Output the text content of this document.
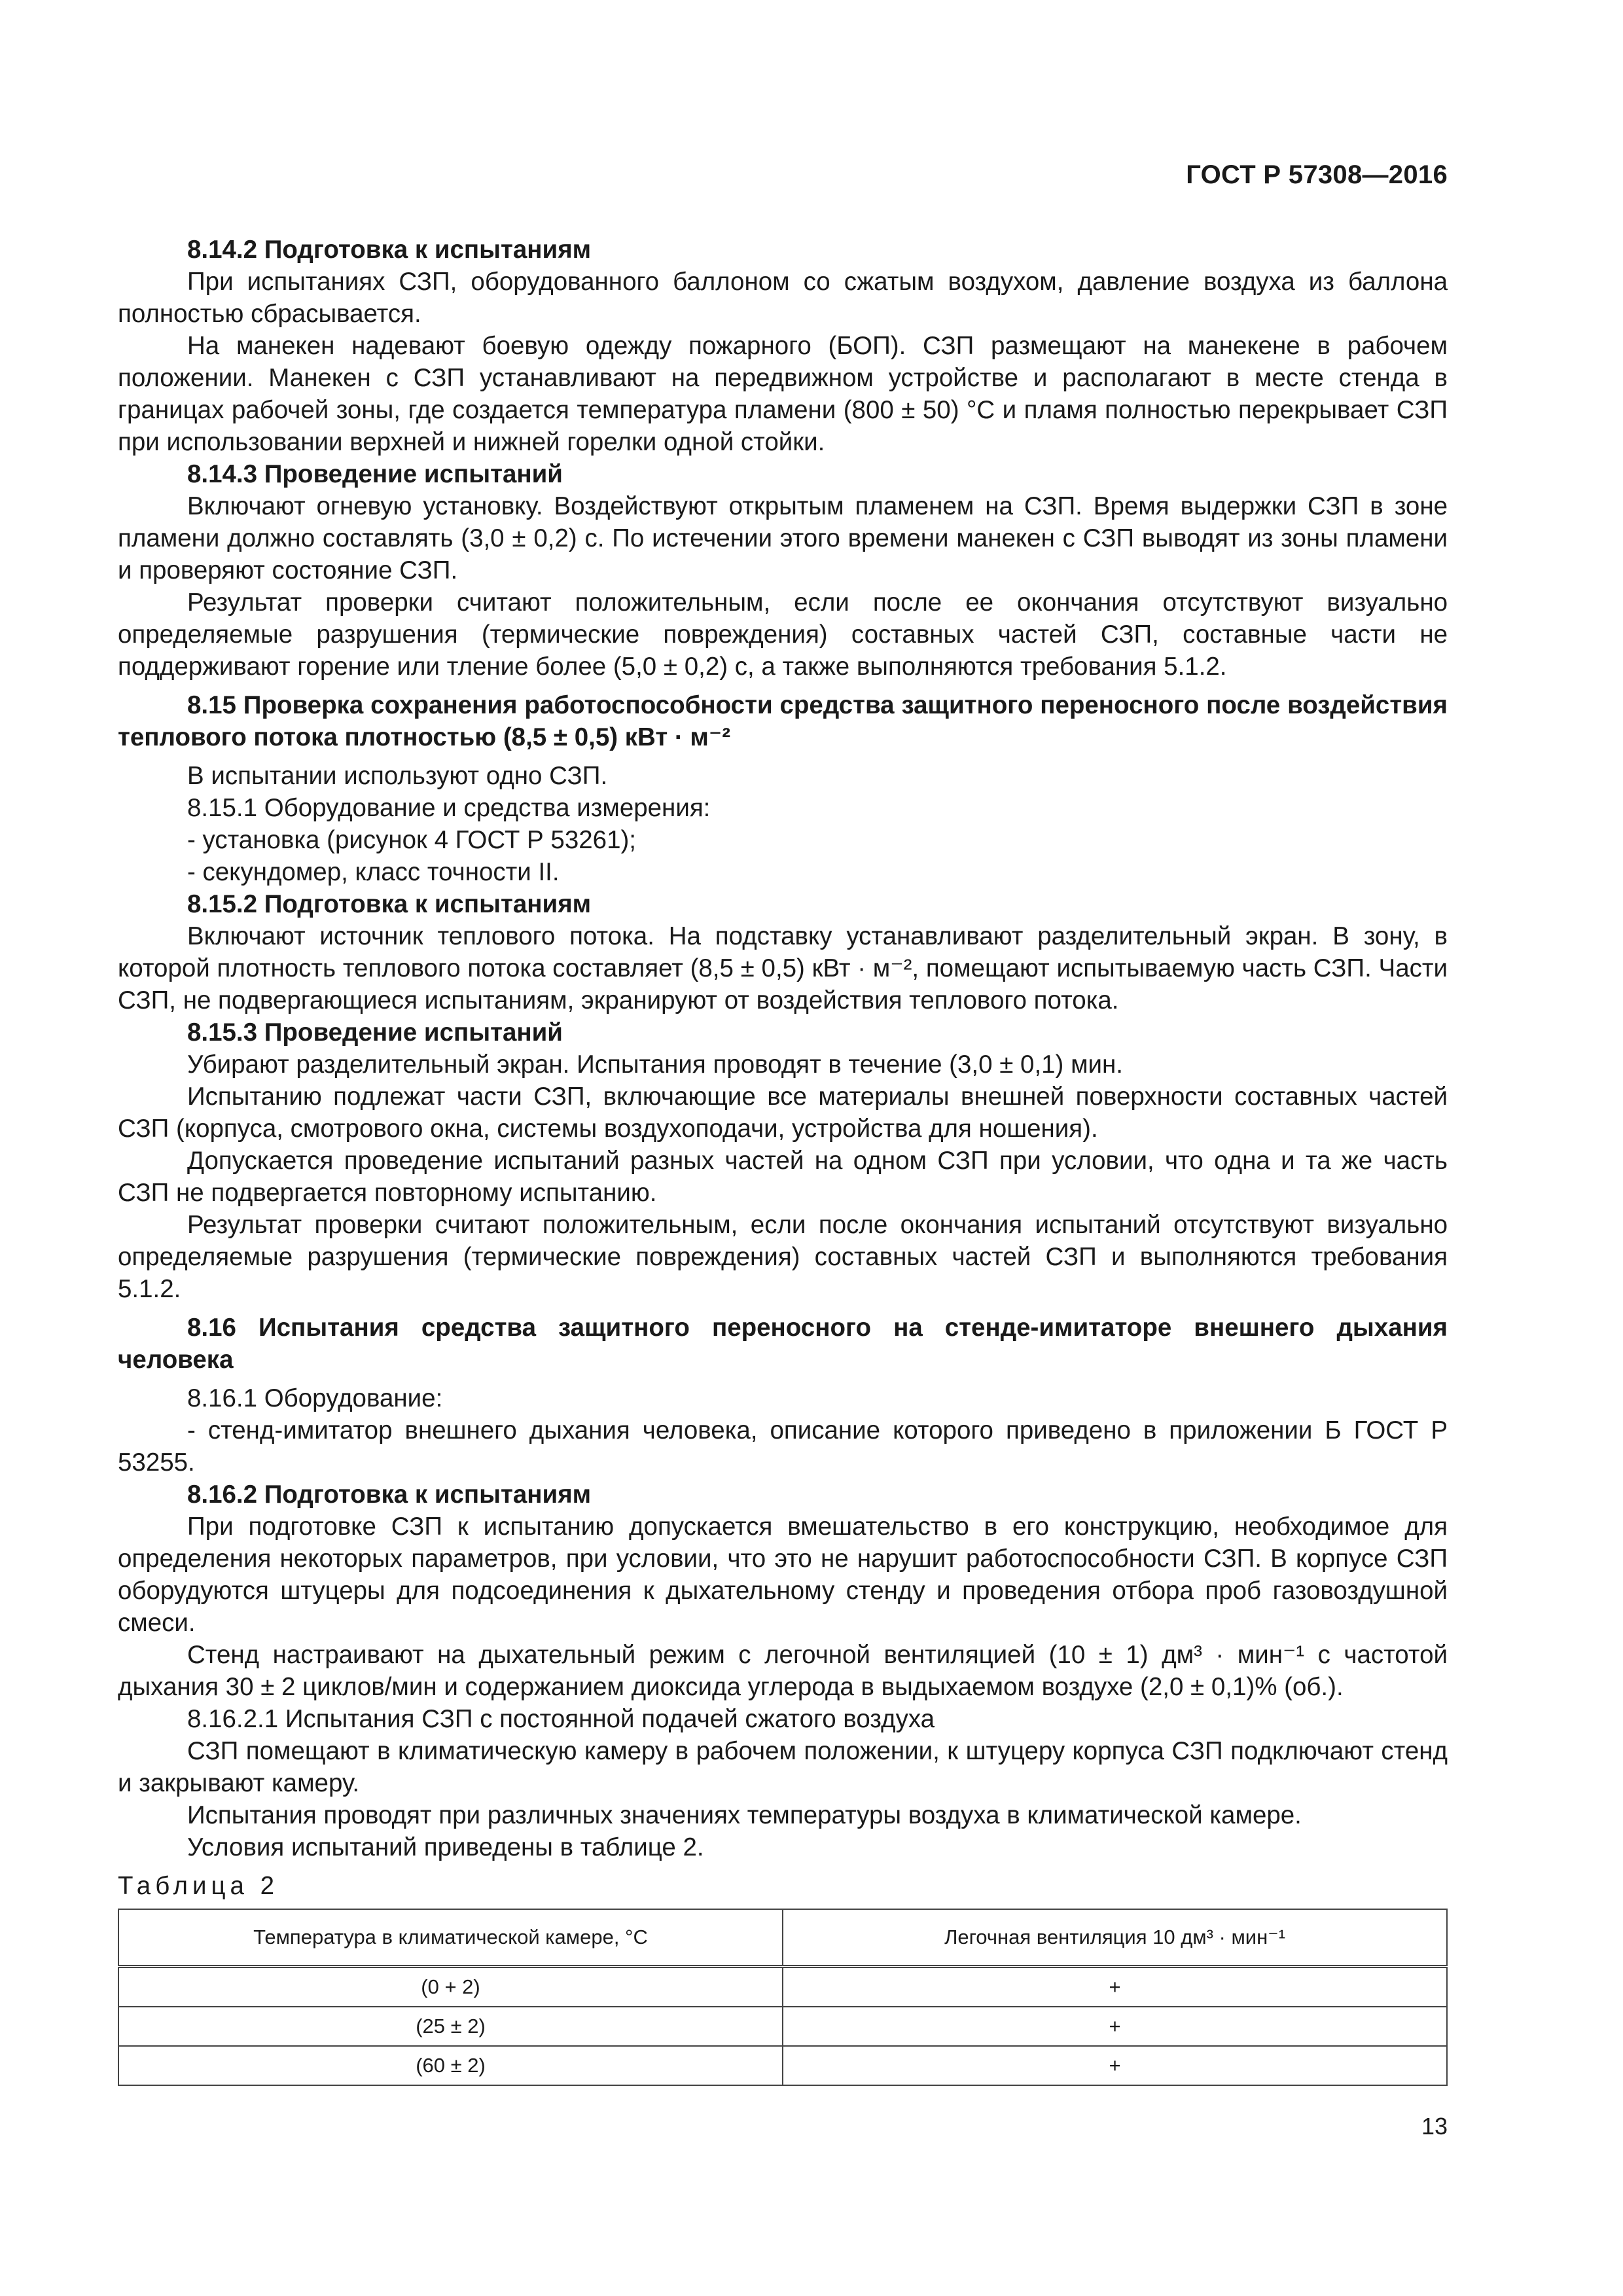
ГОСТ Р 57308—2016

8.14.2 Подготовка к испытаниям

При испытаниях СЗП, оборудованного баллоном со сжатым воздухом, давление воздуха из баллона полностью сбрасывается.

На манекен надевают боевую одежду пожарного (БОП). СЗП размещают на манекене в рабочем положении. Манекен с СЗП устанавливают на передвижном устройстве и располагают в месте стенда в границах рабочей зоны, где создается температура пламени (800 ± 50) °С и пламя полностью перекрывает СЗП при использовании верхней и нижней горелки одной стойки.

8.14.3 Проведение испытаний

Включают огневую установку. Воздействуют открытым пламенем на СЗП. Время выдержки СЗП в зоне пламени должно составлять (3,0 ± 0,2) с. По истечении этого времени манекен с СЗП выводят из зоны пламени и проверяют состояние СЗП.

Результат проверки считают положительным, если после ее окончания отсутствуют визуально определяемые разрушения (термические повреждения) составных частей СЗП, составные части не поддерживают горение или тление более (5,0 ± 0,2) с, а также выполняются требования 5.1.2.

8.15 Проверка сохранения работоспособности средства защитного переносного после воздействия теплового потока плотностью (8,5 ± 0,5) кВт · м⁻²

В испытании используют одно СЗП.

8.15.1 Оборудование и средства измерения:

- установка (рисунок 4 ГОСТ Р 53261);

- секундомер, класс точности II.

8.15.2 Подготовка к испытаниям

Включают источник теплового потока. На подставку устанавливают разделительный экран. В зону, в которой плотность теплового потока составляет (8,5 ± 0,5) кВт · м⁻², помещают испытываемую часть СЗП. Части СЗП, не подвергающиеся испытаниям, экранируют от воздействия теплового потока.

8.15.3 Проведение испытаний

Убирают разделительный экран. Испытания проводят в течение (3,0 ± 0,1) мин.

Испытанию подлежат части СЗП, включающие все материалы внешней поверхности составных частей СЗП (корпуса, смотрового окна, системы воздухоподачи, устройства для ношения).

Допускается проведение испытаний разных частей на одном СЗП при условии, что одна и та же часть СЗП не подвергается повторному испытанию.

Результат проверки считают положительным, если после окончания испытаний отсутствуют визуально определяемые разрушения (термические повреждения) составных частей СЗП и выполняются требования 5.1.2.

8.16 Испытания средства защитного переносного на стенде-имитаторе внешнего дыхания человека

8.16.1 Оборудование:

- стенд-имитатор внешнего дыхания человека, описание которого приведено в приложении Б ГОСТ Р 53255.

8.16.2 Подготовка к испытаниям

При подготовке СЗП к испытанию допускается вмешательство в его конструкцию, необходимое для определения некоторых параметров, при условии, что это не нарушит работоспособности СЗП. В корпусе СЗП оборудуются штуцеры для подсоединения к дыхательному стенду и проведения отбора проб газовоздушной смеси.

Стенд настраивают на дыхательный режим с легочной вентиляцией (10 ± 1) дм³ · мин⁻¹ с частотой дыхания 30 ± 2 циклов/мин и содержанием диоксида углерода в выдыхаемом воздухе (2,0 ± 0,1)% (об.).

8.16.2.1 Испытания СЗП с постоянной подачей сжатого воздуха

СЗП помещают в климатическую камеру в рабочем положении, к штуцеру корпуса СЗП подключают стенд и закрывают камеру.

Испытания проводят при различных значениях температуры воздуха в климатической камере.

Условия испытаний приведены в таблице 2.

Таблица 2

Температура в климатической камере, °С	Легочная вентиляция 10 дм³ · мин⁻¹
(0 + 2)	+
(25 ± 2)	+
(60 ± 2)	+
13
